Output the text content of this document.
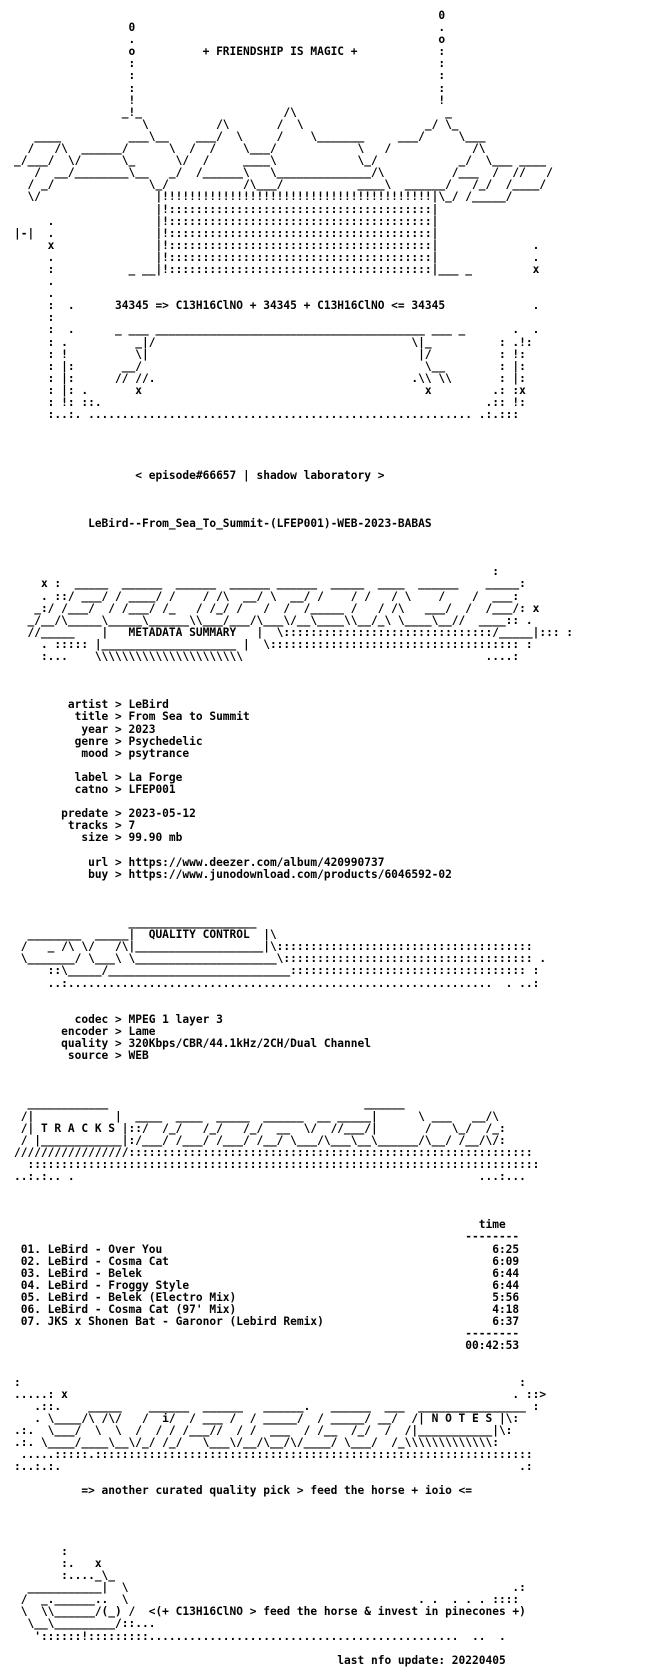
0
0                                             .
.                                             o
o          + FRIENDSHIP IS MAGIC +            :
:                                             :
:                                             :
:                                             :
!                                             !
_!_                     /\                      _
\          /\       /  \                  _/ \_
____          ___\__    ___/  \     /    \_______     ___/     \___
/   /\  ______/      \  /  /    \___/            \   /            /\
_/___/  \/      \_      \/  /     ____\            \_/            _/  \___ ____
/  __/________\__   _/  /______\   \______________/\          /___  /  //   /
/ _/              \_/           /\___/           ____\  ______/   /_/  /____/
\/                 |!!!!!!!!!!!!!!!!!!!!!!!!!!!!!!!!!!!!!!!!|\_/ /_____/
|!:::::::::::::::::::::::::::::::::::::::|
.               |!:::::::::::::::::::::::::::::::::::::::|
|-|  .               |!:::::::::::::::::::::::::::::::::::::::|
x               |!:::::::::::::::::::::::::::::::::::::::|              .
.               |!:::::::::::::::::::::::::::::::::::::::|              .
:           _ __|!:::::::::::::::::::::::::::::::::::::::|___ _         x
.
.
:  .      34345 => C13H16ClNO + 34345 + C13H16ClNO <= 34345             .
:
:  .      _ ___ ________________________________________ ___ _       .  .
: .          _|/                                      \|_          : .!:
: !          \|                                        |/          : !:
: |:       __/                                          \__        : |:
: |:      // //.                                      .\\ \\       : |:
: |: .       x                                          x         .: :x
: !: ::.                                                         .:: !:
:..:. ......................................................... .:.:::

< episode#66657 | shadow laboratory >

LeBird--From_Sea_To_Summit-(LFEP001)-WEB-2023-BABAS

:
x :  _____  ______  ______  ______ ______  _____  ____  ______    _____:
. ::/ ___/ / ____/ /    / /\  __/ \  __/ /    / /   / \    /    /  ___:
_:/ /___/  / /___/ /_   / /_/ /   /  /  /_____ /   / /\   ___/  /  /___/: x
_/__/\_____\_____\______\\___/___/\___\/__\____\\__/_\ \____\__//  ____:: .
//_____    |   METADATA SUMMARY   |  \:::::::::::::::::::::::::::::::/_____|::: :
. ::::: |____________________ |  \::::::::::::::::::::::::::::::::::::: :
:...    \\\\\\\\\\\\\\\\\\\\\\                                    ....:

artist > LeBird
title > From Sea to Summit
year > 2023
genre > Psychedelic
mood > psytrance

label > La Forge
catno > LFEP001

predate > 2023-05-12
tracks > 7
size > 99.90 mb

url > https://www.deezer.com/album/420990737
buy > https://www.junodownload.com/products/6046592-02

___________________
________  _____|  QUALITY CONTROL  |\
/   _ /\ \/   /\|___________________|\::::::::::::::::::::::::::::::::::::::
\_______/ \___\ \_____________________\::::::::::::::::::::::::::::::::::::: .
::\_____/___________________________::::::::::::::::::::::::::::::::::: :
..:...............................................................  . ..:

codec > MPEG 1 layer 3
encoder > Lame
quality > 320Kbps/CBR/44.1kHz/2CH/Dual Channel
source > WEB

____________                                      ______
/|            |  ____  ____  _____  ______  __ _____|      \ ___   __/\
/| T R A C K S |::/  /_/   /_/   /_/  __  \/  //___/|       /   \_/  /_:
/ |____________|:/___/ /___/ /___/ /__/ \___/\___\__\______/\__/ /__/\/:
/////////////////::::::::::::::::::::::::::::::::::::::::::::::::::::::::::::
::::::::::::::::::::::::::::::::::::::::::::::::::::::::::::::::::::::::::::
..:.:.. .                                                            ...:...

time
--------
01. LeBird - Over You                                                 6:25
02. LeBird - Cosma Cat                                                6:09
03. LeBird - Belek                                                    6:44
04. LeBird - Froggy Style                                             6:44
05. LeBird - Belek (Electro Mix)                                      5:56
06. LeBird - Cosma Cat (97' Mix)                                      4:18
07. JKS x Shonen Bat - Garonor (Lebird Remix)                         6:37
--------
00:42:53

:                                                                          :
.....: x                                                                  . ::>
.::.    _____    ______  ______   ______.   ______  ___  ________________ :
. \____/\ /\/   /  i/  / ___ /  / _____/  / _____/ __/  /| N O T E S |\:
.:.  \___/  \  \  /  / / /___//  / /  ___  / /__  /_/  /  /|___________|\:
.:. \____/____\__\/_/ /_/   \___\/__/\__/\/____/ \___/  /_\\\\\\\\\\\\\:
.....:::::.:::::::::::::::::::::::::::::::::::::::::::::::::::::::::::::::::
:..:.:.                                                                    .:

=> another curated quality pick > feed the horse + ioio <=

:
:.   x
:...._\_
___________|  \                                                         .:
/  _.______..  \                                           . .  . . . ::::
\  \\______/(_) /  <(+ C13H16ClNO > feed the horse & invest in pinecones +)
\__\_________/::...
'::::::!:::::::::..............................................  ..  .

last nfo update: 20220405
